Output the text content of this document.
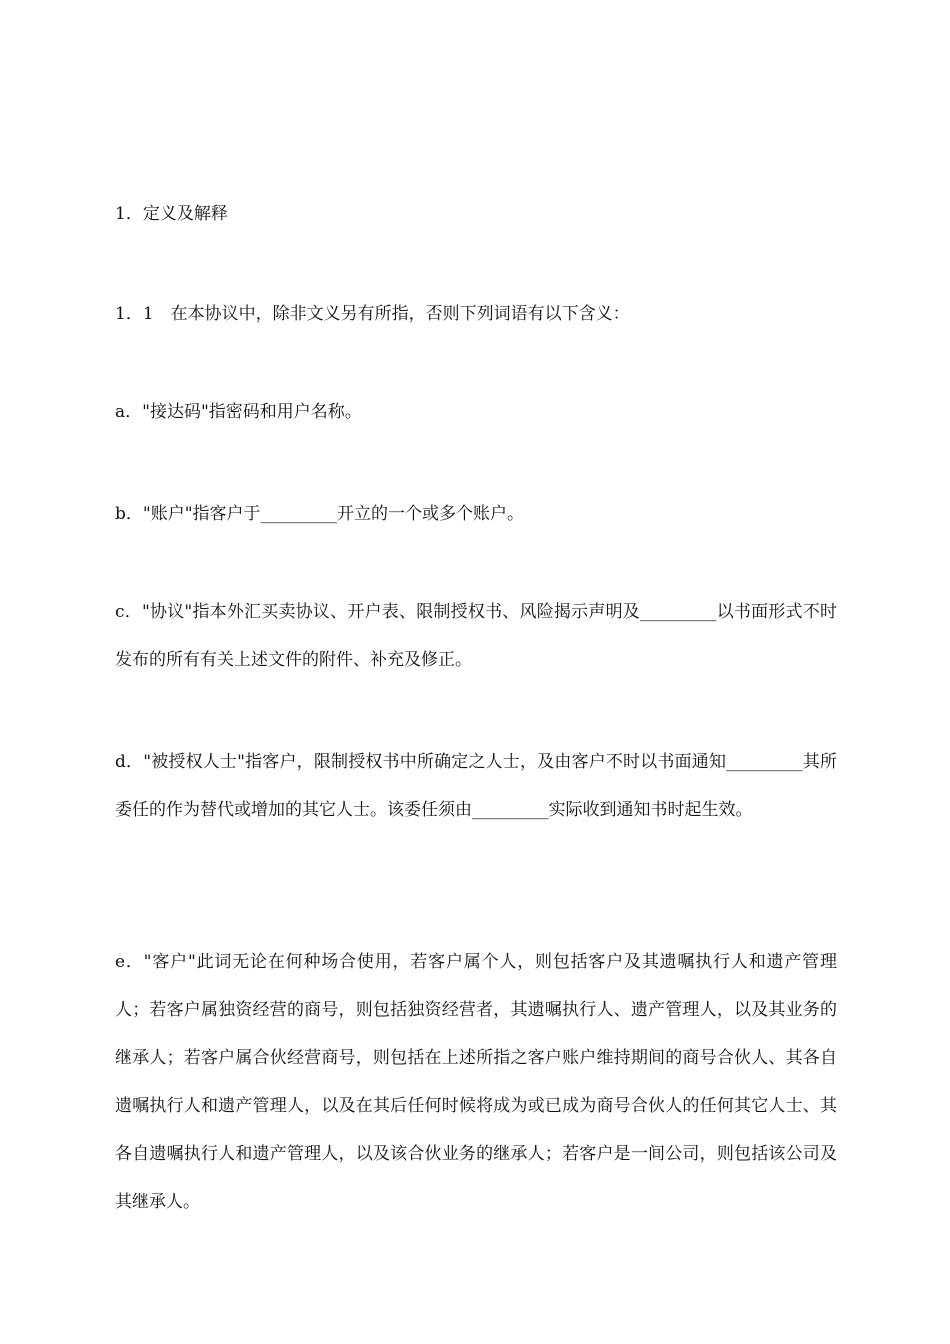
1．定义及解释

1．1　在本协议中，除非文义另有所指，否则下列词语有以下含义：

a．"接达码"指密码和用户名称。

b．"账户"指客户于_________开立的一个或多个账户。

c．"协议"指本外汇买卖协议、开户表、限制授权书、风险揭示声明及_________以书面形式不时发布的所有有关上述文件的附件、补充及修正。

d．"被授权人士"指客户，限制授权书中所确定之人士，及由客户不时以书面通知_________其所委任的作为替代或增加的其它人士。该委任须由_________实际收到通知书时起生效。

e．"客户"此词无论在何种场合使用，若客户属个人，则包括客户及其遗嘱执行人和遗产管理人；若客户属独资经营的商号，则包括独资经营者，其遗嘱执行人、遗产管理人，以及其业务的继承人；若客户属合伙经营商号，则包括在上述所指之客户账户维持期间的商号合伙人、其各自遗嘱执行人和遗产管理人，以及在其后任何时候将成为或已成为商号合伙人的任何其它人士、其各自遗嘱执行人和遗产管理人，以及该合伙业务的继承人；若客户是一间公司，则包括该公司及其继承人。
